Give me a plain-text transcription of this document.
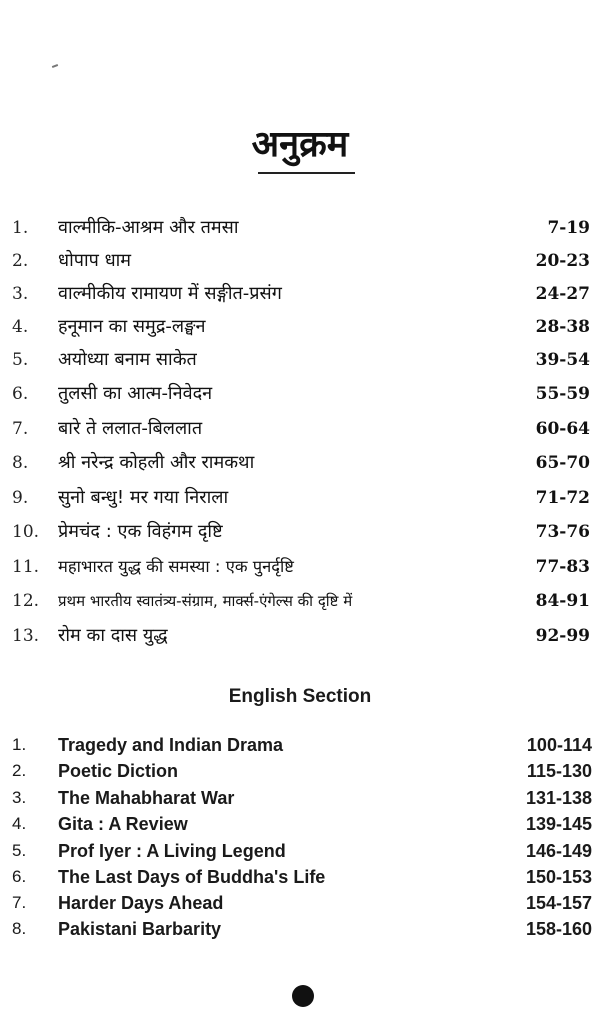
अनुक्रम
1. वाल्मीकि-आश्रम और तमसा	7-19
2. धोपाप धाम	20-23
3. वाल्मीकीय रामायण में सङ्गीत-प्रसंग	24-27
4. हनूमान का समुद्र-लङ्घन	28-38
5. अयोध्या बनाम साकेत	39-54
6. तुलसी का आत्म-निवेदन	55-59
7. बारे ते ललात-बिललात	60-64
8. श्री नरेन्द्र कोहली और रामकथा	65-70
9. सुनो बन्धु! मर गया निराला	71-72
10. प्रेमचंद : एक विहंगम दृष्टि	73-76
11. महाभारत युद्ध की समस्या : एक पुनर्दृष्टि	77-83
12. प्रथम भारतीय स्वातंत्र्य-संग्राम, मार्क्स-एंगेल्स की दृष्टि में	84-91
13. रोम का दास युद्ध	92-99
English Section
1. Tragedy and Indian Drama	100-114
2. Poetic Diction	115-130
3. The Mahabharat War	131-138
4. Gita : A Review	139-145
5. Prof Iyer : A Living Legend	146-149
6. The Last Days of Buddha's Life	150-153
7. Harder Days Ahead	154-157
8. Pakistani Barbarity	158-160
